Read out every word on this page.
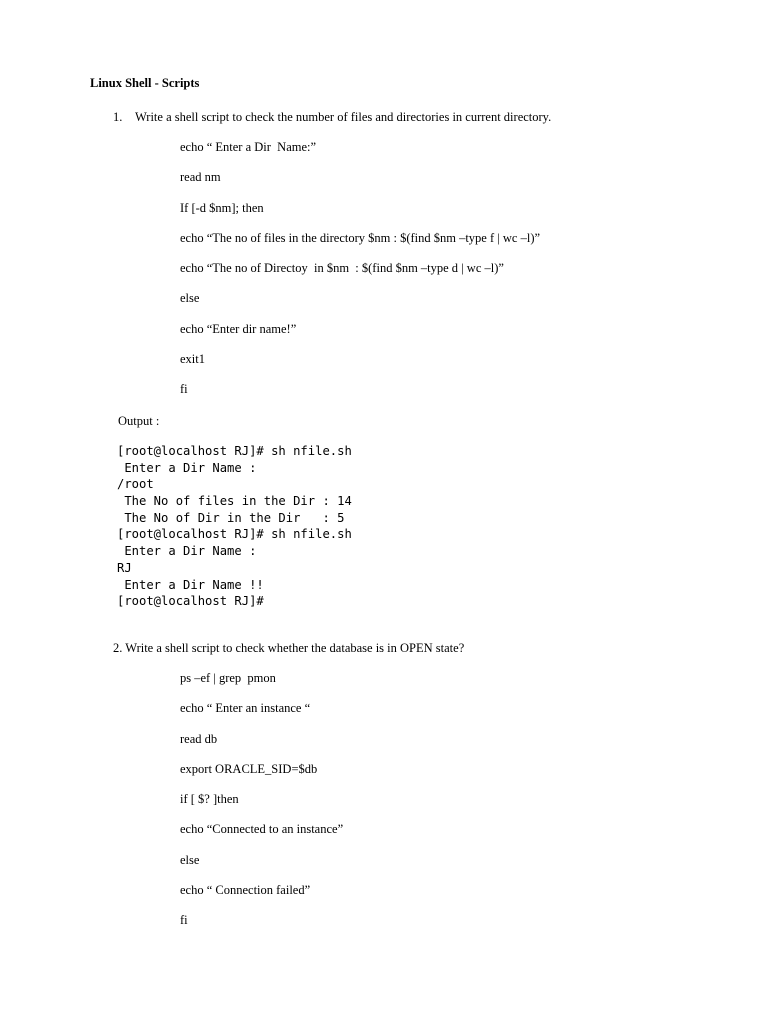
Linux Shell - Scripts
1. Write a shell script to check the number of files and directories in current directory.
echo “ Enter a Dir  Name:”
read nm
If [-d $nm]; then
echo “The no of files in the directory $nm : $(find $nm –type f | wc –l)”
echo “The no of Directoy  in $nm  : $(find $nm –type d | wc –l)”
else
echo “Enter dir name!”
exit1
fi
Output :
[root@localhost RJ]# sh nfile.sh
Enter a Dir Name :
/root
The No of files in the Dir : 14
The No of Dir in the Dir   : 5
[root@localhost RJ]# sh nfile.sh
Enter a Dir Name :
RJ
Enter a Dir Name !!
[root@localhost RJ]#
2. Write a shell script to check whether the database is in OPEN state?
ps –ef | grep  pmon
echo “ Enter an instance “
read db
export ORACLE_SID=$db
if [ $? ]then
echo “Connected to an instance”
else
echo “ Connection failed”
fi
